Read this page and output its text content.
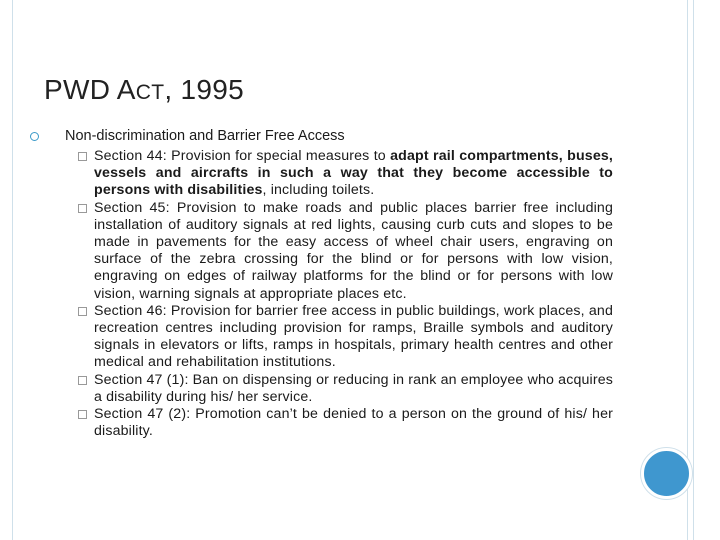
PWD ACT, 1995
Non-discrimination and Barrier Free Access
Section 44: Provision for special measures to adapt rail compartments, buses, vessels and aircrafts in such a way that they become accessible to persons with disabilities, including toilets.
Section 45: Provision to make roads and public places barrier free including installation of auditory signals at red lights, causing curb cuts and slopes to be made in pavements for the easy access of wheel chair users, engraving on surface of the zebra crossing for the blind or for persons with low vision, engraving on edges of railway platforms for the blind or for persons with low vision, warning signals at appropriate places etc.
Section 46: Provision for barrier free access in public buildings, work places, and recreation centres including provision for ramps, Braille symbols and auditory signals in elevators or lifts, ramps in hospitals, primary health centres and other medical and rehabilitation institutions.
Section 47 (1): Ban on dispensing or reducing in rank an employee who acquires a disability during his/ her service.
Section 47 (2): Promotion can’t be denied to a person on the ground of his/ her disability.
